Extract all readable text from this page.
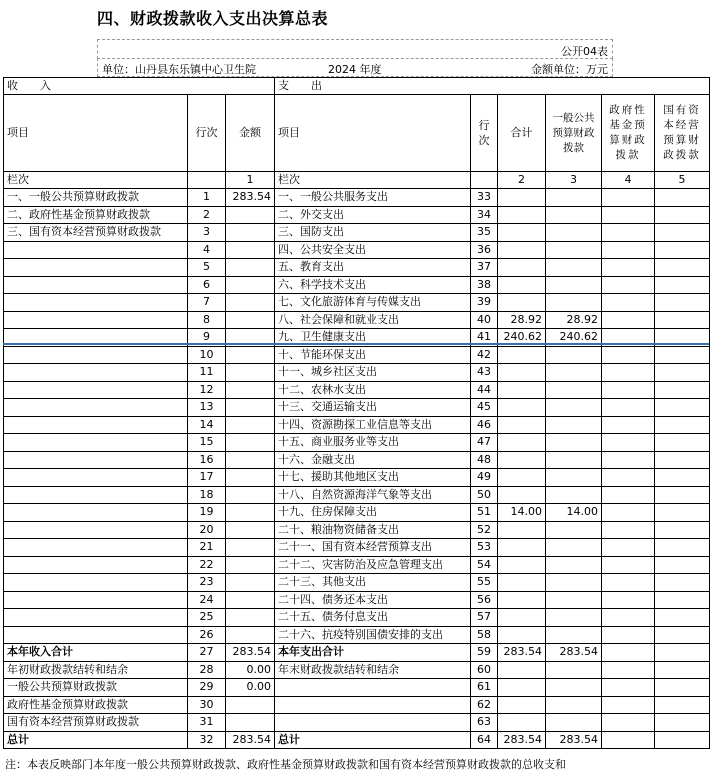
四、财政拨款收入支出决算总表
公开04表
单位：山丹县东乐镇中心卫生院	2024 年度	金额单位：万元
收　　入			支　　出					
项目	行次	金额	项目	行次	合计	一般公共预算财政拨款	政府性基金预算财政拨款	国有资本经营预算财政拨款
栏次		1	栏次		2	3	4	5
一、一般公共预算财政拨款	1	283.54	一、一般公共服务支出	33				
二、政府性基金预算财政拨款	2		二、外交支出	34				
三、国有资本经营预算财政拨款	3		三、国防支出	35				
	4		四、公共安全支出	36				
	5		五、教育支出	37				
	6		六、科学技术支出	38				
	7		七、文化旅游体育与传媒支出	39				
	8		八、社会保障和就业支出	40	28.92	28.92		
	9		九、卫生健康支出	41	240.62	240.62		
	10		十、节能环保支出	42				
	11		十一、城乡社区支出	43				
	12		十二、农林水支出	44				
	13		十三、交通运输支出	45				
	14		十四、资源勘探工业信息等支出	46				
	15		十五、商业服务业等支出	47				
	16		十六、金融支出	48				
	17		十七、援助其他地区支出	49				
	18		十八、自然资源海洋气象等支出	50				
	19		十九、住房保障支出	51	14.00	14.00		
	20		二十、粮油物资储备支出	52				
	21		二十一、国有资本经营预算支出	53				
	22		二十二、灾害防治及应急管理支出	54				
	23		二十三、其他支出	55				
	24		二十四、债务还本支出	56				
	25		二十五、债务付息支出	57				
	26		二十六、抗疫特别国债安排的支出	58				
本年收入合计	27	283.54	本年支出合计	59	283.54	283.54		
年初财政拨款结转和结余	28	0.00	年末财政拨款结转和结余	60				
一般公共预算财政拨款	29	0.00		61				
政府性基金预算财政拨款	30			62				
国有资本经营预算财政拨款	31			63				
总计	32	283.54	总计	64	283.54	283.54		
注：本表反映部门本年度一般公共预算财政拨款、政府性基金预算财政拨款和国有资本经营预算财政拨款的总收支和
